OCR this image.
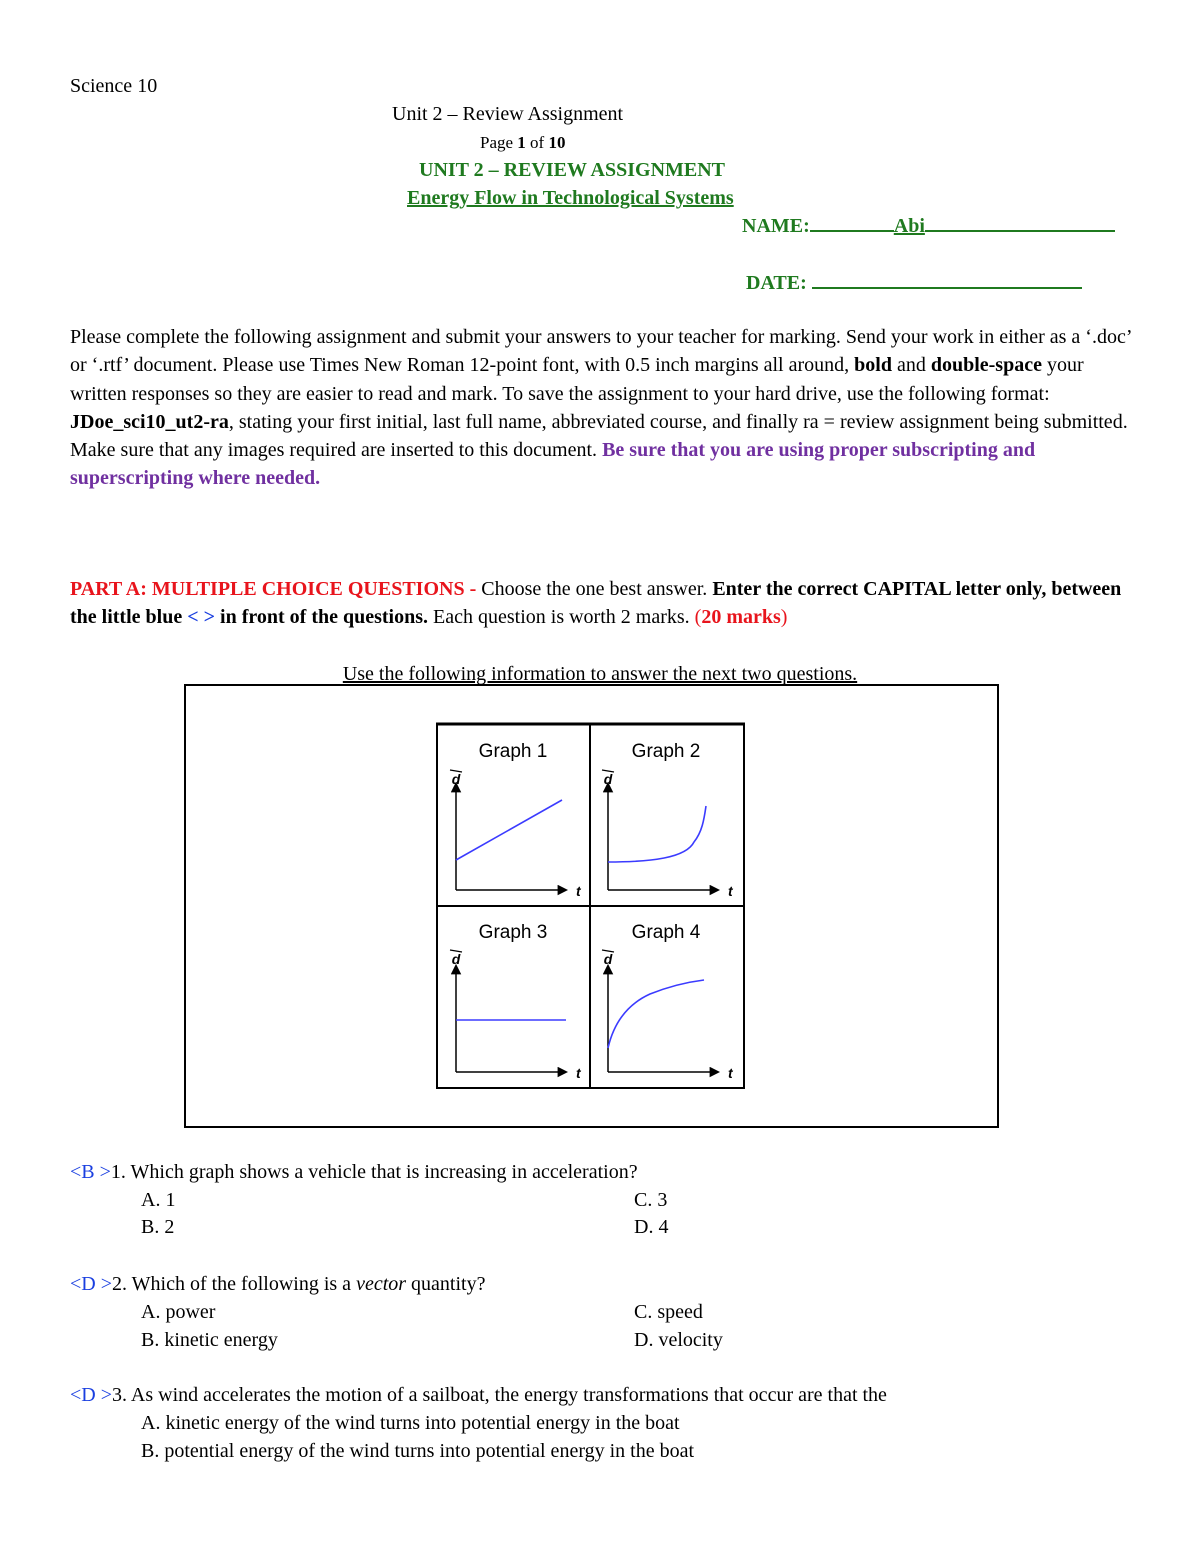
Science 10
Unit 2 – Review Assignment
Page 1 of 10
UNIT 2 – REVIEW ASSIGNMENT
Energy Flow in Technological Systems
NAME:	Abi
DATE:
Please complete the following assignment and submit your answers to your teacher for marking. Send your work in either as a ‘.doc’ or ‘.rtf’ document. Please use Times New Roman 12-point font, with 0.5 inch margins all around, bold and double-space your written responses so they are easier to read and mark. To save the assignment to your hard drive, use the following format: JDoe_sci10_ut2-ra, stating your first initial, last full name, abbreviated course, and finally ra = review assignment being submitted. Make sure that any images required are inserted to this document. Be sure that you are using proper subscripting and superscripting where needed.
PART A: MULTIPLE CHOICE QUESTIONS - Choose the one best answer. Enter the correct CAPITAL letter only, between the little blue < > in front of the questions. Each question is worth 2 marks. (20 marks)
Use the following information to answer the next two questions.
Graph 1
d
t
Graph 2
d
t
Graph 3
d
t
Graph 4
d
t
<B >1. Which graph shows a vehicle that is increasing in acceleration?
A. 1
B. 2
C. 3
D. 4
<D >2. Which of the following is a vector quantity?
A. power
B. kinetic energy
C. speed
D. velocity
<D >3. As wind accelerates the motion of a sailboat, the energy transformations that occur are that the
A. kinetic energy of the wind turns into potential energy in the boat
B. potential energy of the wind turns into potential energy in the boat
